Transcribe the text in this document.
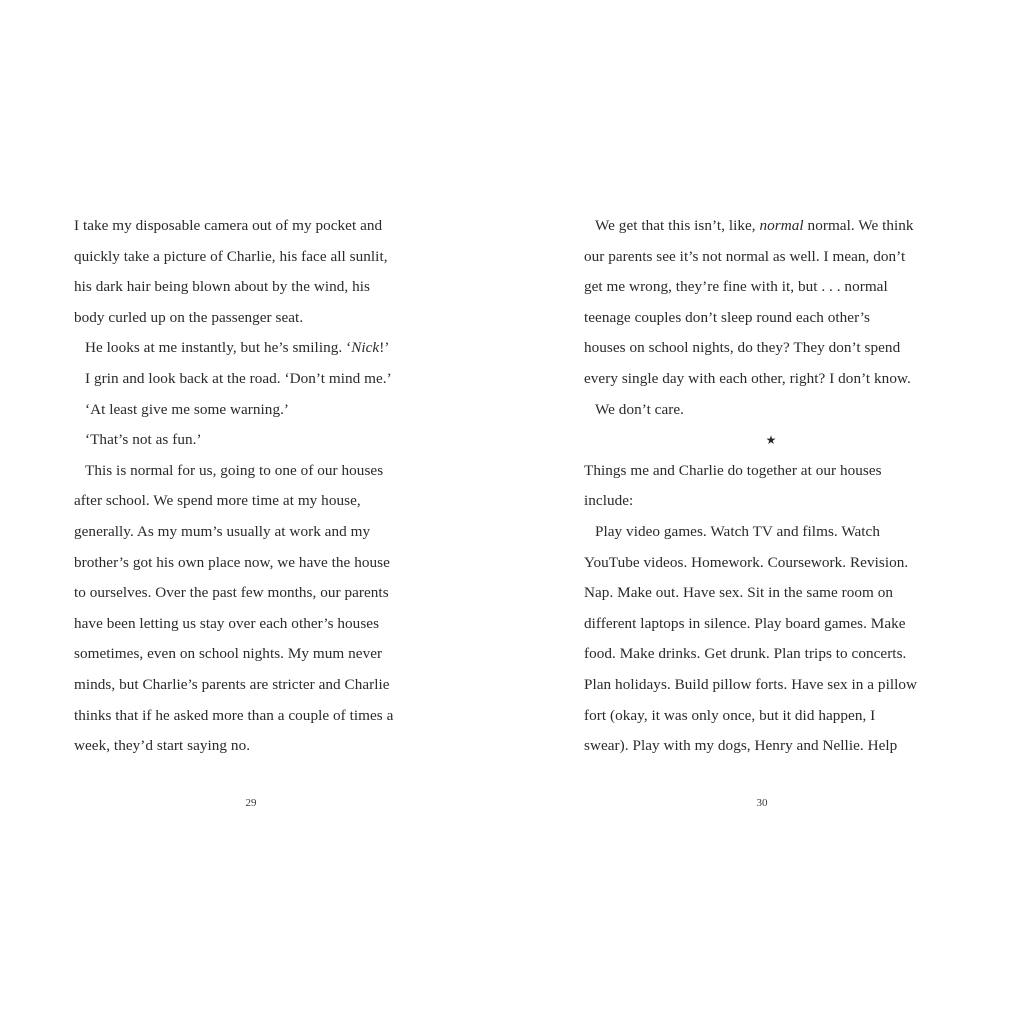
I take my disposable camera out of my pocket and
quickly take a picture of Charlie, his face all sunlit,
his dark hair being blown about by the wind, his
body curled up on the passenger seat.
He looks at me instantly, but he’s smiling. ‘Nick!’
I grin and look back at the road. ‘Don’t mind me.’
‘At least give me some warning.’
‘That’s not as fun.’
This is normal for us, going to one of our houses
after school. We spend more time at my house,
generally. As my mum’s usually at work and my
brother’s got his own place now, we have the house
to ourselves. Over the past few months, our parents
have been letting us stay over each other’s houses
sometimes, even on school nights. My mum never
minds, but Charlie’s parents are stricter and Charlie
thinks that if he asked more than a couple of times a
week, they’d start saying no.
29
We get that this isn’t, like, normal normal. We think
our parents see it’s not normal as well. I mean, don’t
get me wrong, they’re fine with it, but . . . normal
teenage couples don’t sleep round each other’s
houses on school nights, do they? They don’t spend
every single day with each other, right? I don’t know.
We don’t care.
★
Things me and Charlie do together at our houses
include:
Play video games. Watch TV and films. Watch
YouTube videos. Homework. Coursework. Revision.
Nap. Make out. Have sex. Sit in the same room on
different laptops in silence. Play board games. Make
food. Make drinks. Get drunk. Plan trips to concerts.
Plan holidays. Build pillow forts. Have sex in a pillow
fort (okay, it was only once, but it did happen, I
swear). Play with my dogs, Henry and Nellie. Help
30
